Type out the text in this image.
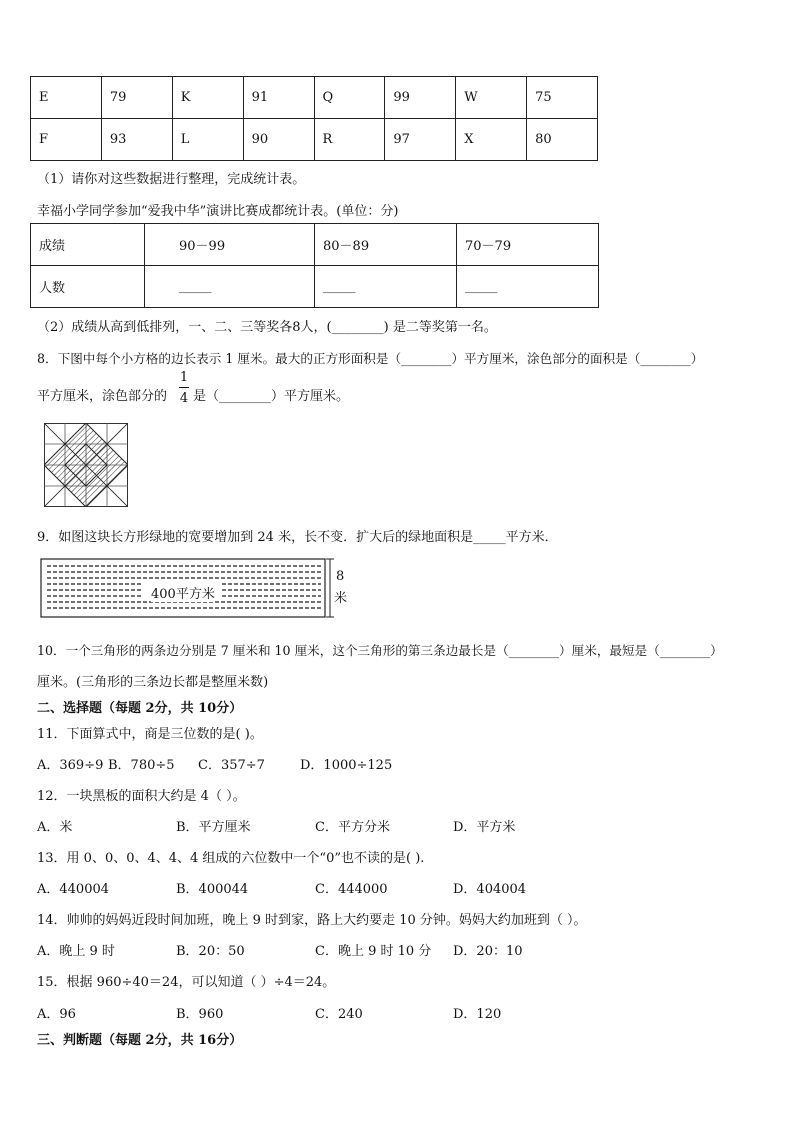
E	79	K	91	Q	99	W	75
F	93	L	90	R	97	X	80
（1）请你对这些数据进行整理，完成统计表。
幸福小学同学参加“爱我中华”演讲比赛成都统计表。(单位：分)
成绩	90－99	80－89	70－79
人数	_____	_____	_____
（2）成绩从高到低排列，一、二、三等奖各8人，(________) 是二等奖第一名。
8．下图中每个小方格的边长表示 1 厘米。最大的正方形面积是（________）平方厘米，涂色部分的面积是（________）
平方厘米，涂色部分的
1
4 是（________）平方厘米。
9．如图这块长方形绿地的宽要增加到 24 米，长不变．扩大后的绿地面积是_____平方米．
400平方米
8
米
10．一个三角形的两条边分别是 7 厘米和 10 厘米，这个三角形的第三条边最长是（________）厘米，最短是（________）
厘米。(三角形的三条边长都是整厘米数)
二、选择题（每题 2分，共 10分）
11．下面算式中，商是三位数的是( )。
A．369÷9 B．780÷5 C．357÷7	D．1000÷125
12．一块黑板的面积大约是 4（ ）。
A．米	B．平方厘米	C．平方分米	D．平方米
13．用 0、0、0、4、4、4 组成的六位数中一个“0”也不读的是( ).
A．440004	B．400044	C．444000	D．404004
14．帅帅的妈妈近段时间加班，晚上 9 时到家，路上大约要走 10 分钟。妈妈大约加班到（ ）。
A．晚上 9 时	B．20：50	C．晚上 9 时 10 分 D．20：10
15．根据 960÷40＝24，可以知道（ ）÷4＝24。
A．96	B．960	C．240	D．120
三、判断题（每题 2分，共 16分）
